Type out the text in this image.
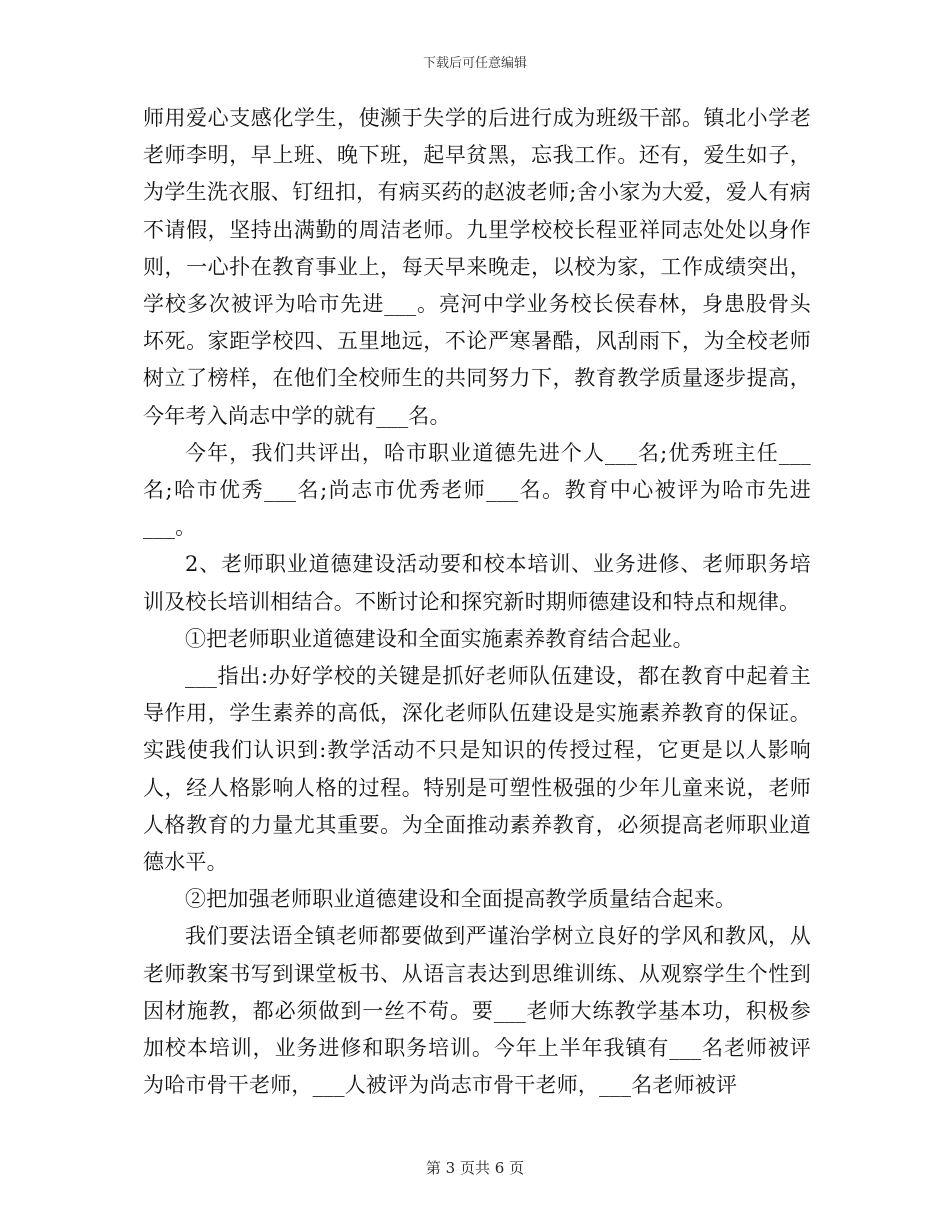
下载后可任意编辑

师用爱心支感化学生，使濒于失学的后进行成为班级干部。镇北小学老老师李明，早上班、晚下班，起早贫黑，忘我工作。还有，爱生如子，为学生洗衣服、钉纽扣，有病买药的赵波老师;舍小家为大爱，爱人有病不请假，坚持出满勤的周洁老师。九里学校校长程亚祥同志处处以身作则，一心扑在教育事业上，每天早来晚走，以校为家，工作成绩突出，学校多次被评为哈市先进___。亮河中学业务校长侯春林，身患股骨头坏死。家距学校四、五里地远，不论严寒暑酷，风刮雨下，为全校老师树立了榜样，在他们全校师生的共同努力下，教育教学质量逐步提高，今年考入尚志中学的就有___名。

今年，我们共评出，哈市职业道德先进个人___名;优秀班主任___名;哈市优秀___名;尚志市优秀老师___名。教育中心被评为哈市先进___。

2、老师职业道德建设活动要和校本培训、业务进修、老师职务培训及校长培训相结合。不断讨论和探究新时期师德建设和特点和规律。

①把老师职业道德建设和全面实施素养教育结合起业。

___指出:办好学校的关键是抓好老师队伍建设，都在教育中起着主导作用，学生素养的高低，深化老师队伍建设是实施素养教育的保证。实践使我们认识到:教学活动不只是知识的传授过程，它更是以人影响人，经人格影响人格的过程。特别是可塑性极强的少年儿童来说，老师人格教育的力量尤其重要。为全面推动素养教育，必须提高老师职业道德水平。

②把加强老师职业道德建设和全面提高教学质量结合起来。

我们要法语全镇老师都要做到严谨治学树立良好的学风和教风，从老师教案书写到课堂板书、从语言表达到思维训练、从观察学生个性到因材施教，都必须做到一丝不苟。要___老师大练教学基本功，积极参加校本培训，业务进修和职务培训。今年上半年我镇有___名老师被评为哈市骨干老师，___人被评为尚志市骨干老师，___名老师被评

第 3 页共 6 页
